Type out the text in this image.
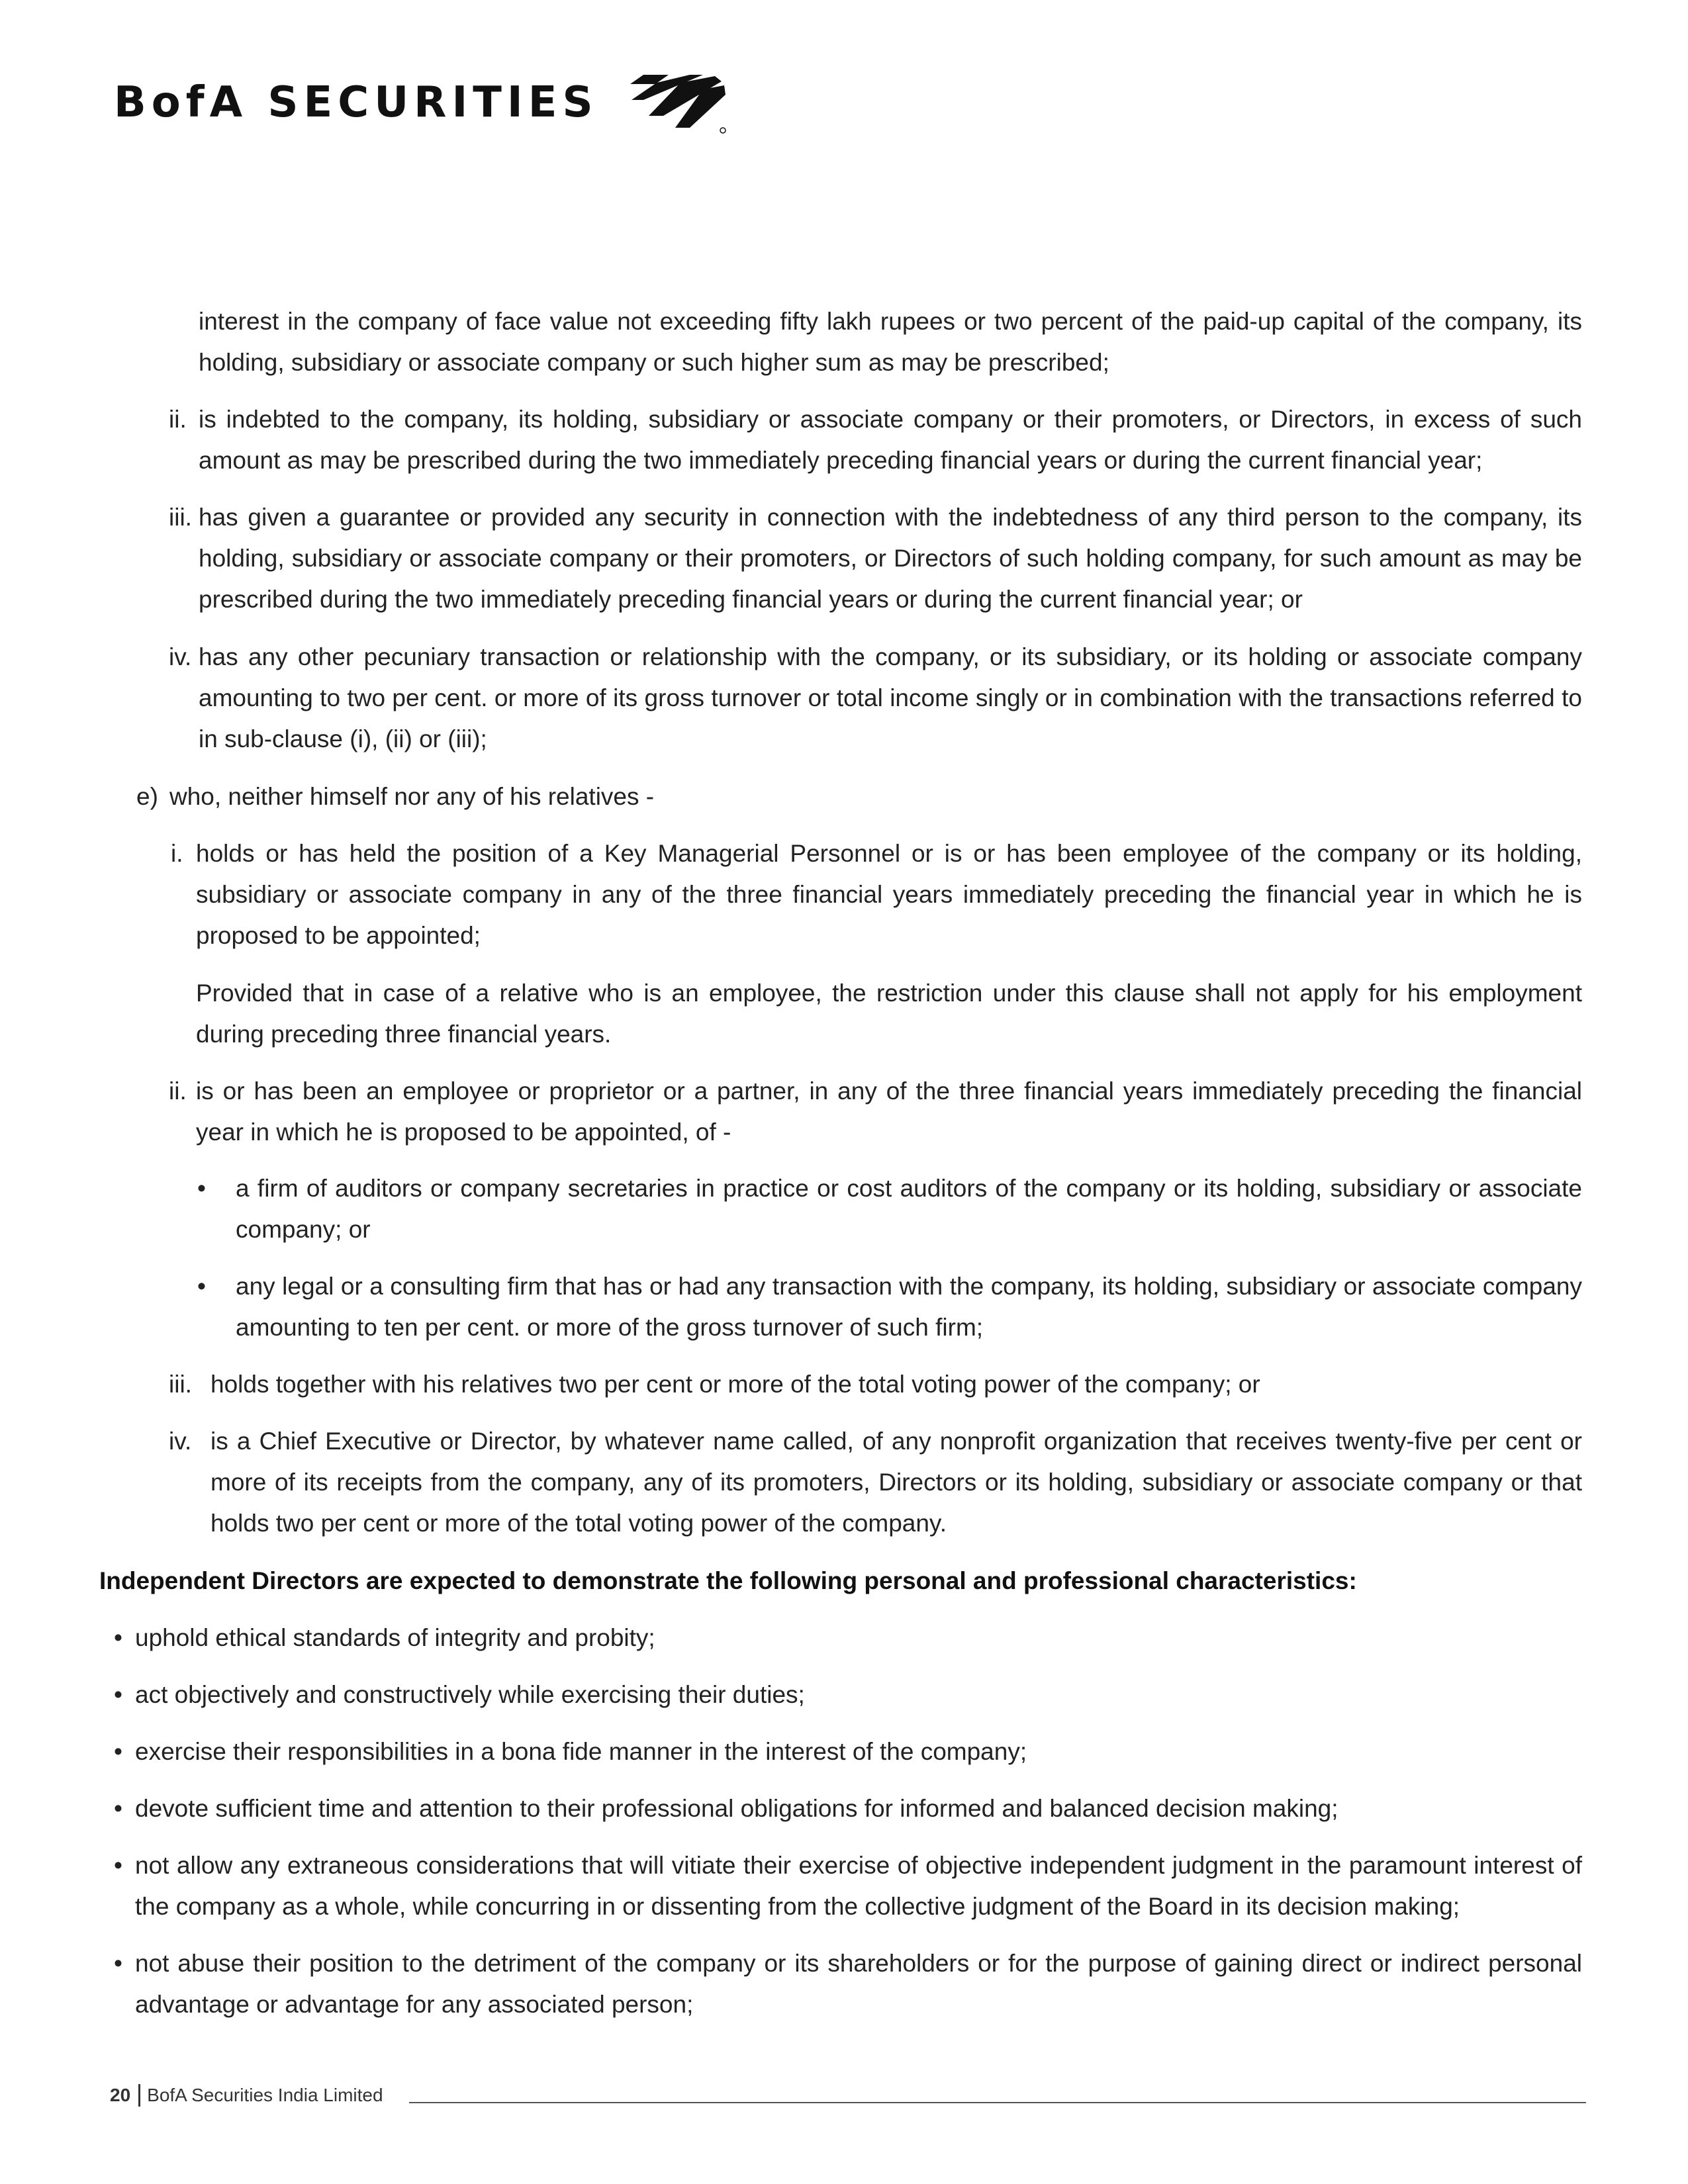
BofA SECURITIES
interest in the company of face value not exceeding fifty lakh rupees or two percent of the paid-up capital of the company, its holding, subsidiary or associate company or such higher sum as may be prescribed;
ii. is indebted to the company, its holding, subsidiary or associate company or their promoters, or Directors, in excess of such amount as may be prescribed during the two immediately preceding financial years or during the current financial year;
iii. has given a guarantee or provided any security in connection with the indebtedness of any third person to the company, its holding, subsidiary or associate company or their promoters, or Directors of such holding company, for such amount as may be prescribed during the two immediately preceding financial years or during the current financial year; or
iv. has any other pecuniary transaction or relationship with the company, or its subsidiary, or its holding or associate company amounting to two per cent. or more of its gross turnover or total income singly or in combination with the transactions referred to in sub-clause (i), (ii) or (iii);
e) who, neither himself nor any of his relatives -
i. holds or has held the position of a Key Managerial Personnel or is or has been employee of the company or its holding, subsidiary or associate company in any of the three financial years immediately preceding the financial year in which he is proposed to be appointed;
Provided that in case of a relative who is an employee, the restriction under this clause shall not apply for his employment during preceding three financial years.
ii. is or has been an employee or proprietor or a partner, in any of the three financial years immediately preceding the financial year in which he is proposed to be appointed, of -
• a firm of auditors or company secretaries in practice or cost auditors of the company or its holding, subsidiary or associate company; or
• any legal or a consulting firm that has or had any transaction with the company, its holding, subsidiary or associate company amounting to ten per cent. or more of the gross turnover of such firm;
iii. holds together with his relatives two per cent or more of the total voting power of the company; or
iv. is a Chief Executive or Director, by whatever name called, of any nonprofit organization that receives twenty-five per cent or more of its receipts from the company, any of its promoters, Directors or its holding, subsidiary or associate company or that holds two per cent or more of the total voting power of the company.
Independent Directors are expected to demonstrate the following personal and professional characteristics:
• uphold ethical standards of integrity and probity;
• act objectively and constructively while exercising their duties;
• exercise their responsibilities in a bona fide manner in the interest of the company;
• devote sufficient time and attention to their professional obligations for informed and balanced decision making;
• not allow any extraneous considerations that will vitiate their exercise of objective independent judgment in the paramount interest of the company as a whole, while concurring in or dissenting from the collective judgment of the Board in its decision making;
• not abuse their position to the detriment of the company or its shareholders or for the purpose of gaining direct or indirect personal advantage or advantage for any associated person;
20 BofA Securities India Limited
